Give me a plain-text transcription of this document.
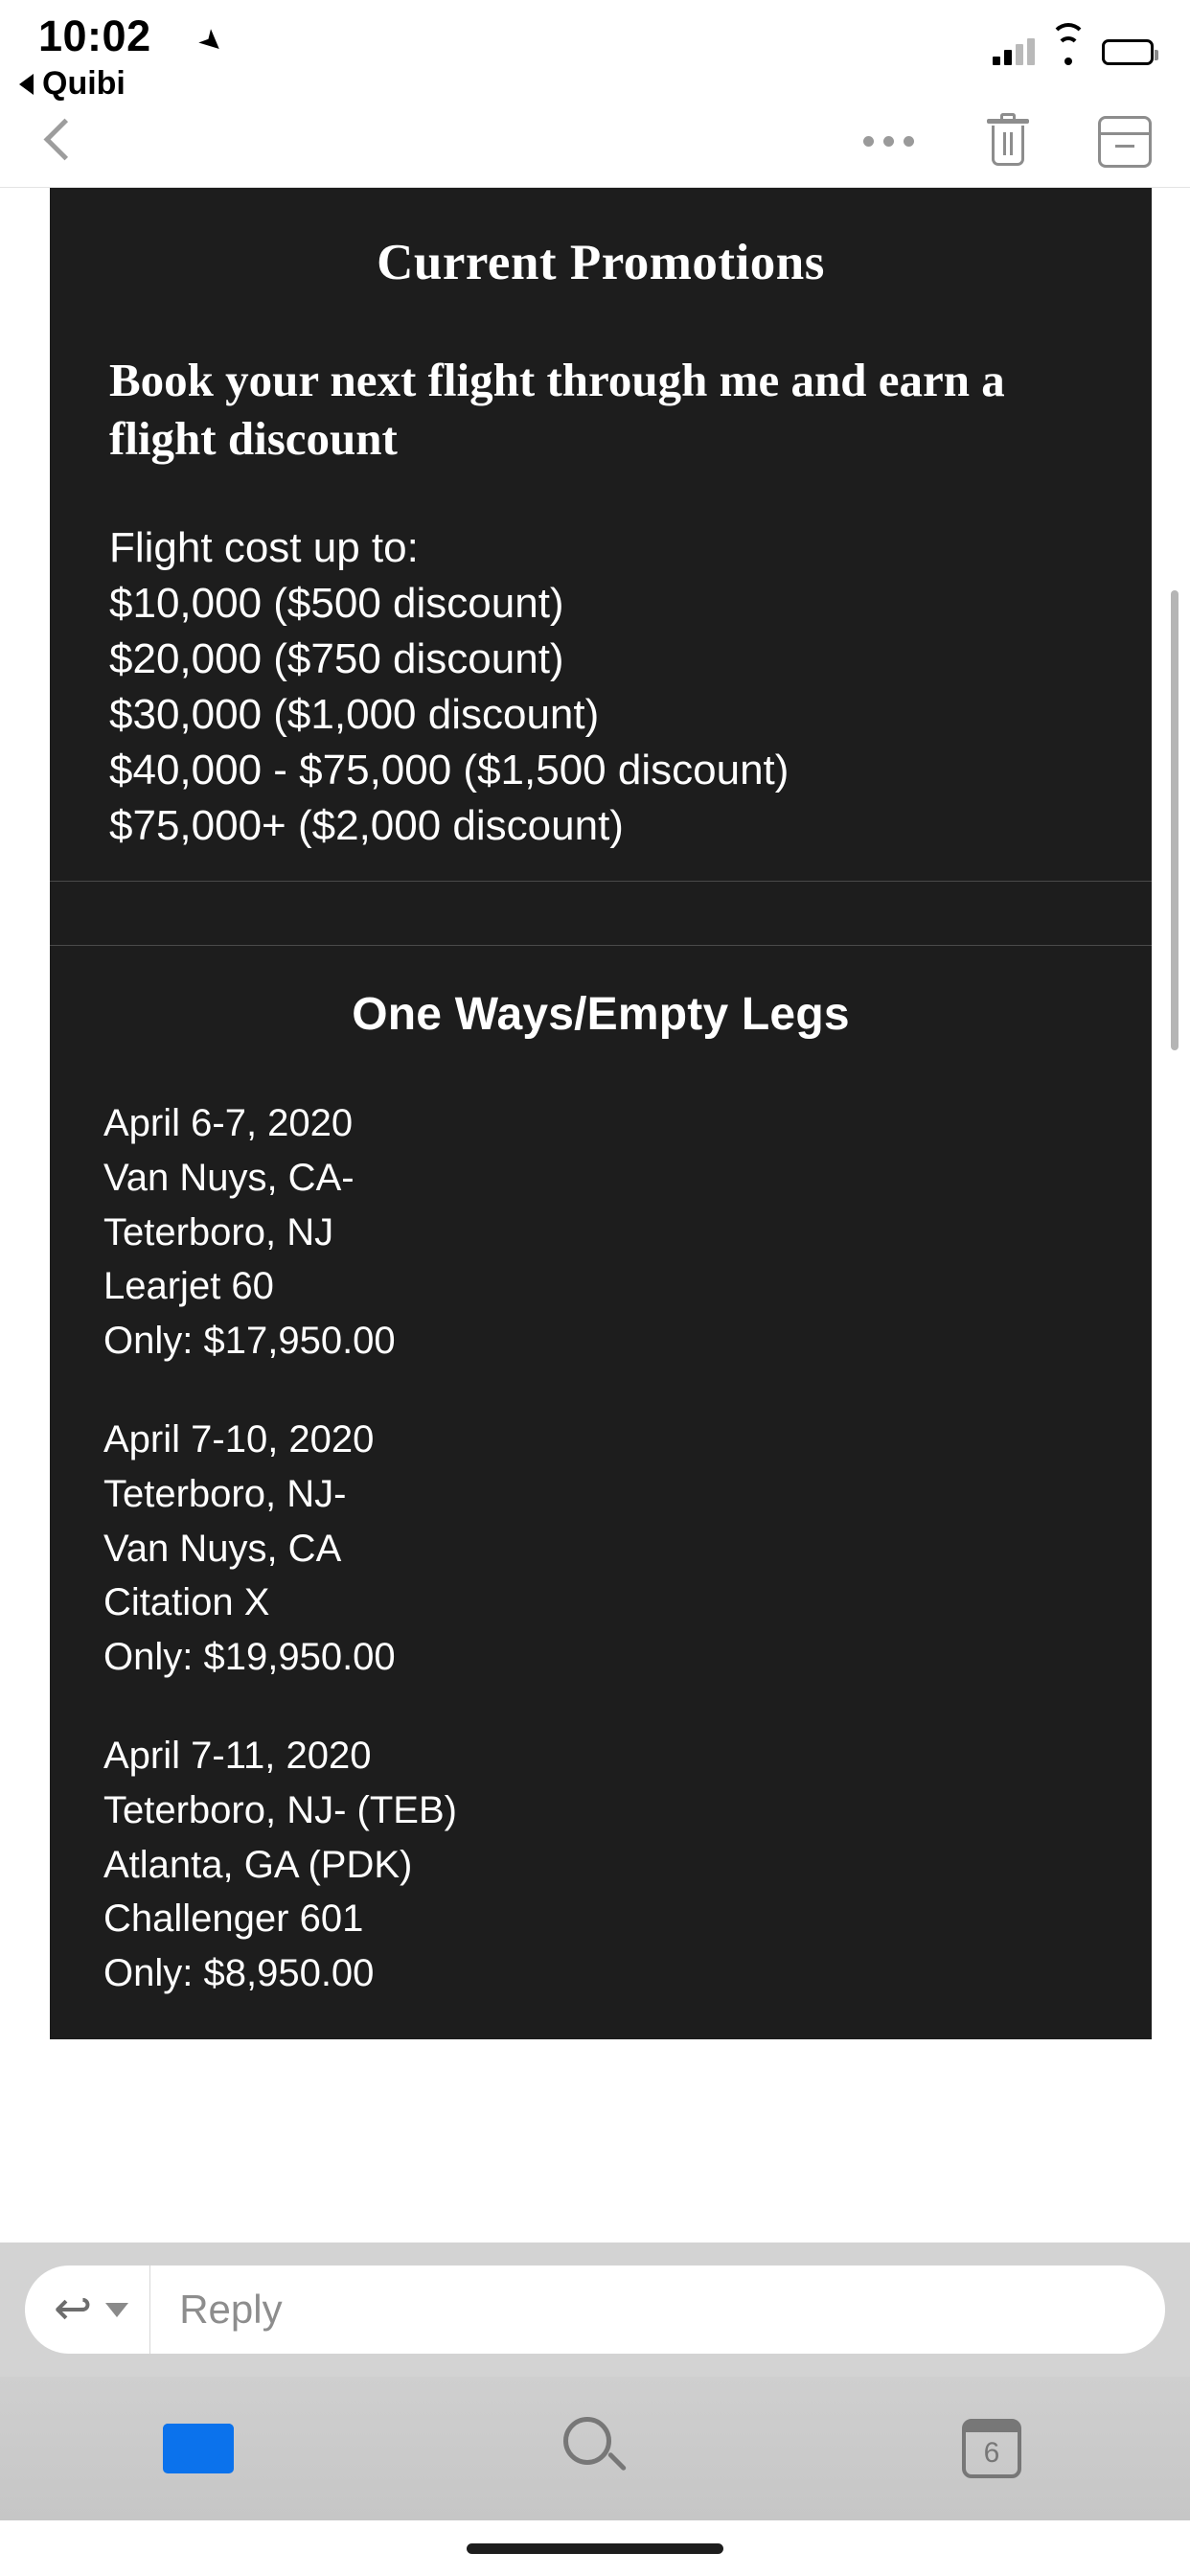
10:02 ➤
Quibi
Current Promotions
Book your next flight through me and earn a flight discount
Flight cost up to:
$10,000 ($500 discount)
$20,000 ($750 discount)
$30,000 ($1,000 discount)
$40,000 - $75,000 ($1,500 discount)
$75,000+ ($2,000 discount)
One Ways/Empty Legs
April 6-7, 2020
Van Nuys, CA-
Teterboro, NJ
Learjet 60
Only: $17,950.00
April 7-10, 2020
Teterboro, NJ-
Van Nuys, CA
Citation X
Only: $19,950.00
April 7-11, 2020
Teterboro, NJ- (TEB)
Atlanta, GA (PDK)
Challenger 601
Only: $8,950.00
↩	Reply
6
